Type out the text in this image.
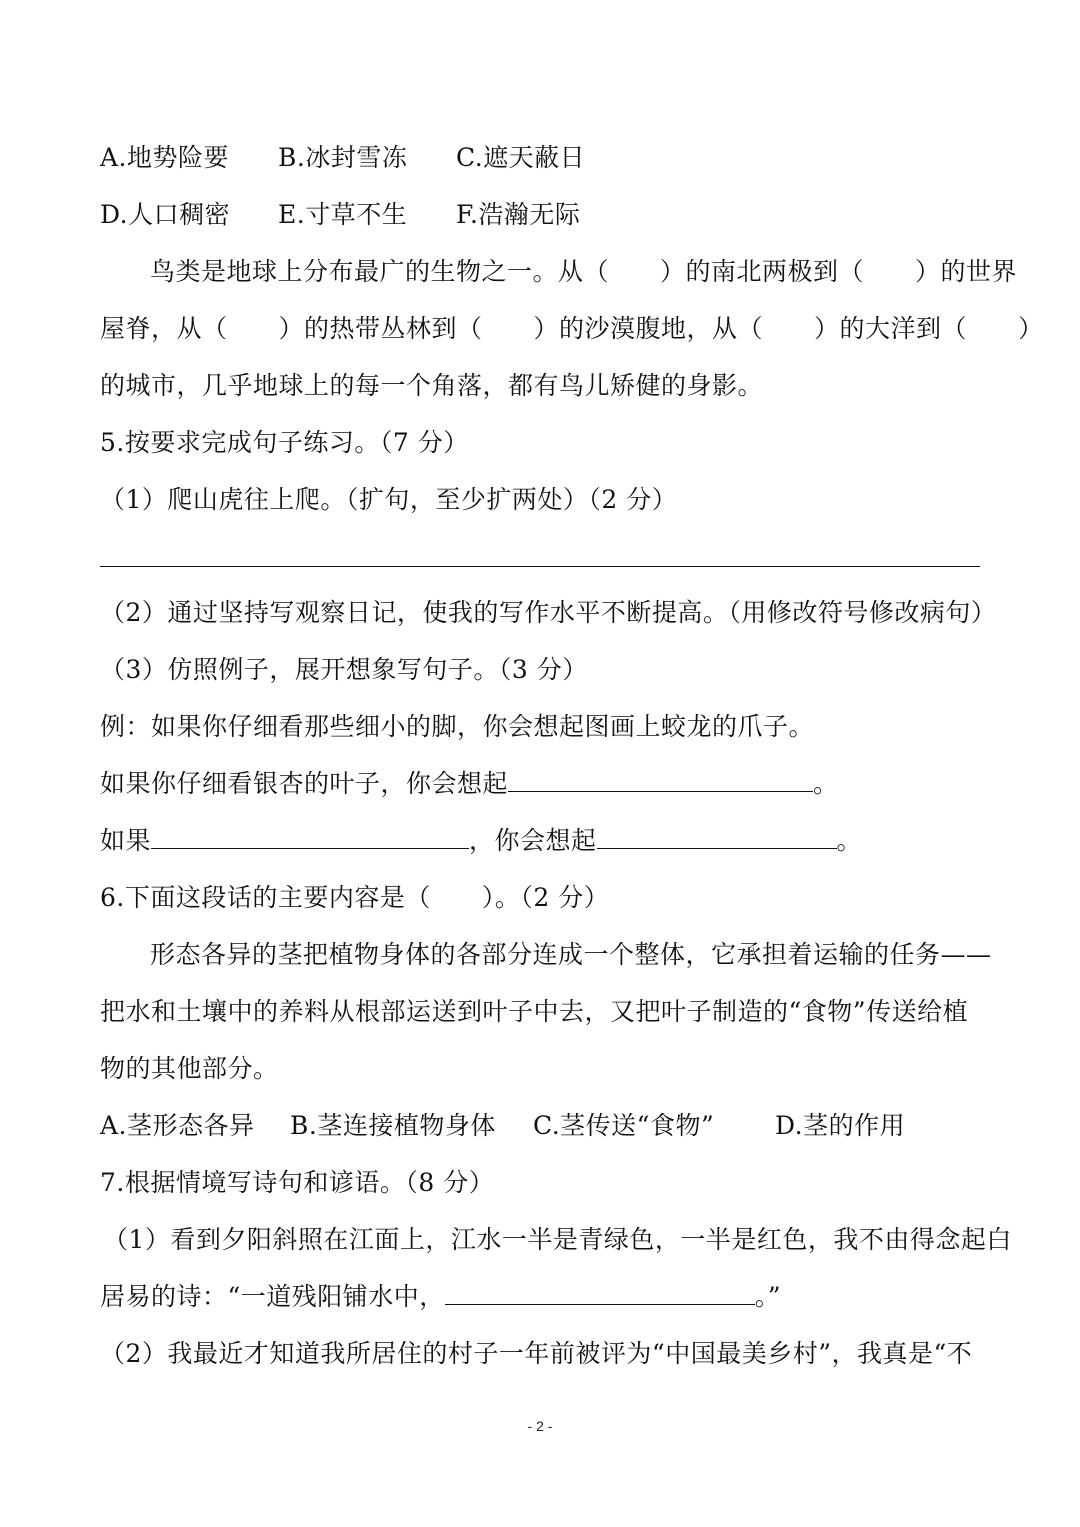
A.地势险要 B.冰封雪冻 C.遮天蔽日
D.人口稠密 E.寸草不生 F.浩瀚无际
鸟类是地球上分布最广的生物之一。从（　　）的南北两极到（　　）的世界
屋脊，从（　　）的热带丛林到（　　）的沙漠腹地，从（　　）的大洋到（　　）
的城市，几乎地球上的每一个角落，都有鸟儿矫健的身影。
5.按要求完成句子练习。（7 分）
（1）爬山虎往上爬。（扩句，至少扩两处）（2 分）
（2）通过坚持写观察日记，使我的写作水平不断提高。（用修改符号修改病句）
（3）仿照例子，展开想象写句子。（3 分）
例：如果你仔细看那些细小的脚，你会想起图画上蛟龙的爪子。
如果你仔细看银杏的叶子，你会想起	。
如果	，你会想起	。
6.下面这段话的主要内容是（　　）。（2 分）
形态各异的茎把植物身体的各部分连成一个整体，它承担着运输的任务——
把水和土壤中的养料从根部运送到叶子中去，又把叶子制造的“食物”传送给植
物的其他部分。
A.茎形态各异 B.茎连接植物身体 C.茎传送“食物” D.茎的作用
7.根据情境写诗句和谚语。（8 分）
（1）看到夕阳斜照在江面上，江水一半是青绿色，一半是红色，我不由得念起白
居易的诗：“一道残阳铺水中，	。”
（2）我最近才知道我所居住的村子一年前被评为“中国最美乡村”，我真是“不
- 2 -
